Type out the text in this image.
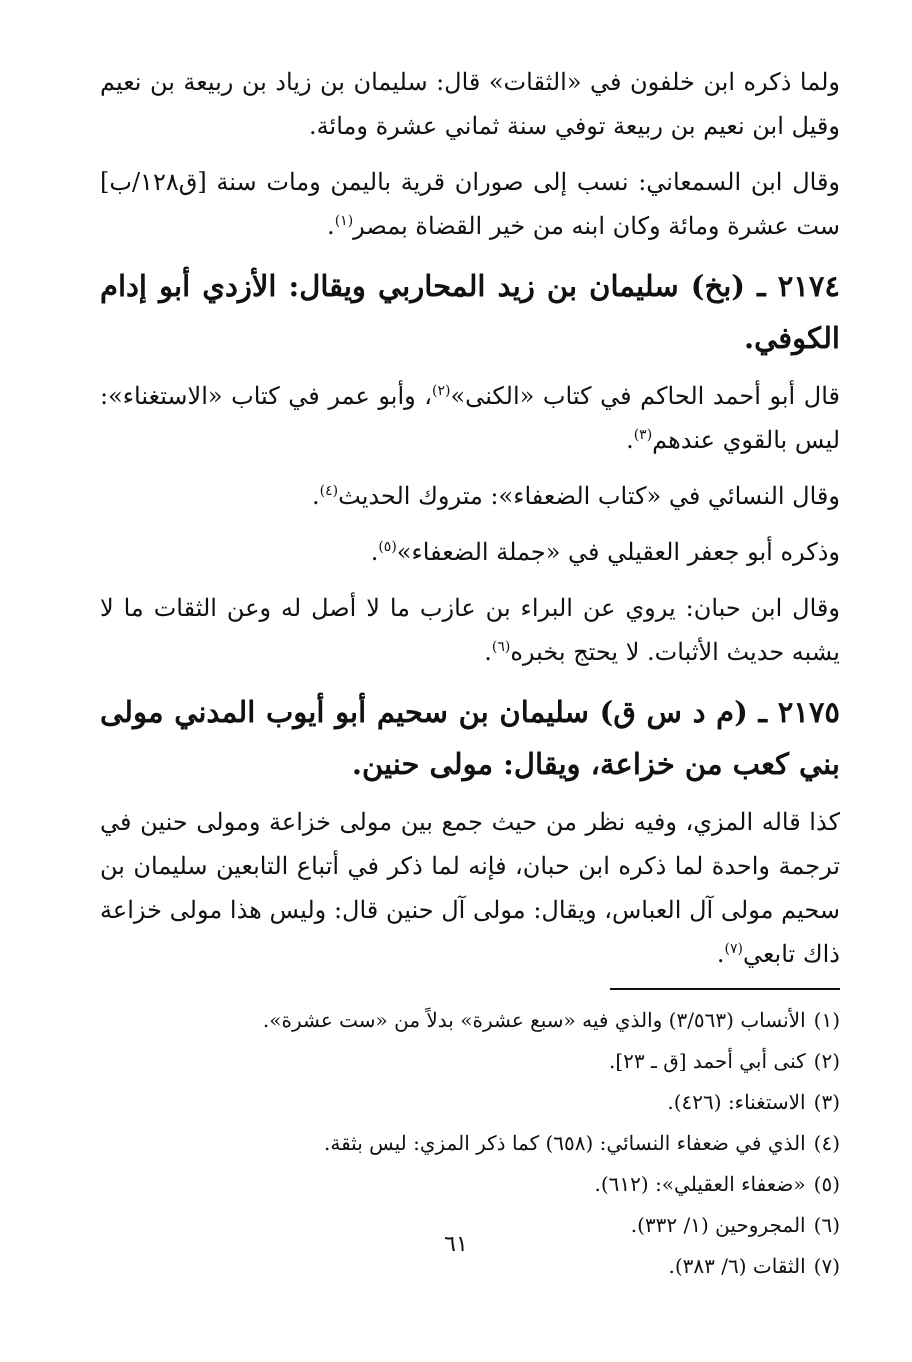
ولما ذكره ابن خلفون في «الثقات» قال: سليمان بن زياد بن ربيعة بن نعيم وقيل ابن نعيم بن ربيعة توفي سنة ثماني عشرة ومائة.

وقال ابن السمعاني: نسب إلى صوران قرية باليمن ومات سنة [ق١٢٨/ب] ست عشرة ومائة وكان ابنه من خير القضاة بمصر$^{(١)}$.

٢١٧٤ ـ (بخ) سليمان بن زيد المحاربي ويقال: الأزدي أبو إدام الكوفي.

قال أبو أحمد الحاكم في كتاب «الكنى»$^{(٢)}$، وأبو عمر في كتاب «الاستغناء»: ليس بالقوي عندهم$^{(٣)}$.

وقال النسائي في «كتاب الضعفاء»: متروك الحديث$^{(٤)}$.

وذكره أبو جعفر العقيلي في «جملة الضعفاء»$^{(٥)}$.

وقال ابن حبان: يروي عن البراء بن عازب ما لا أصل له وعن الثقات ما لا يشبه حديث الأثبات. لا يحتج بخبره$^{(٦)}$.

٢١٧٥ ـ (م د س ق) سليمان بن سحيم أبو أيوب المدني مولى بني كعب من خزاعة، ويقال: مولى حنين.

كذا قاله المزي، وفيه نظر من حيث جمع بين مولى خزاعة ومولى حنين في ترجمة واحدة لما ذكره ابن حبان، فإنه لما ذكر في أتباع التابعين سليمان بن سحيم مولى آل العباس، ويقال: مولى آل حنين قال: وليس هذا مولى خزاعة ذاك تابعي$^{(٧)}$.

(١)الأنساب (٣/٥٦٣) والذي فيه «سبع عشرة» بدلاً من «ست عشرة».
(٢)كنى أبي أحمد [ق ـ ٢٣].
(٣)الاستغناء: (٤٢٦).
(٤)الذي في ضعفاء النسائي: (٦٥٨) كما ذكر المزي: ليس بثقة.
(٥)«ضعفاء العقيلي»: (٦١٢).
(٦)المجروحين (١/ ٣٣٢).
(٧)الثقات (٦/ ٣٨٣).
٦١
